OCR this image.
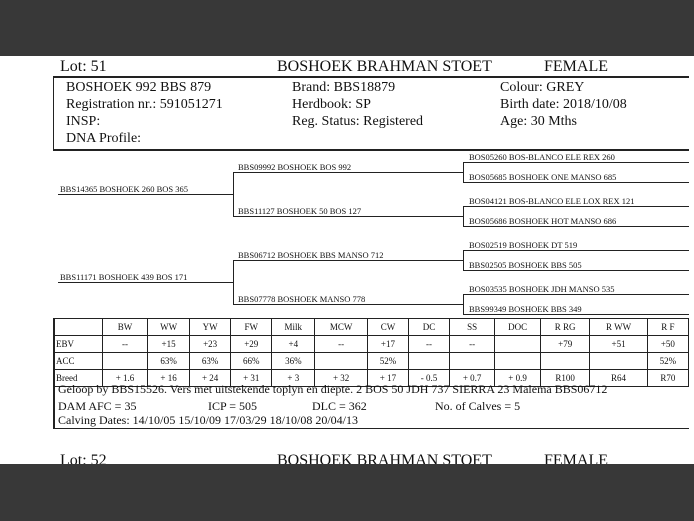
Lot: 51	BOSHOEK BRAHMAN STOET	FEMALE
BOSHOEK 992 BBS 879
Registration nr.: 591051271
INSP:
DNA Profile:
Brand: BBS18879
Herdbook: SP
Reg. Status: Registered
Colour: GREY
Birth date: 2018/10/08
Age: 30 Mths
BBS14365 BOSHOEK 260 BOS 365
BBS11171 BOSHOEK 439 BOS 171
BBS09992 BOSHOEK BOS 992
BBS11127 BOSHOEK 50 BOS 127
BBS06712 BOSHOEK BBS MANSO 712
BBS07778 BOSHOEK MANSO 778
BOS05260 BOS-BLANCO ELE REX 260
BOS05685 BOSHOEK ONE MANSO 685
BOS04121 BOS-BLANCO ELE LOX REX 121
BOS05686 BOSHOEK HOT MANSO 686
BOS02519 BOSHOEK DT 519
BBS02505 BOSHOEK BBS 505
BOS03535 BOSHOEK JDH MANSO 535
BBS99349 BOSHOEK BBS 349
	BW	WW	YW	FW	Milk	MCW	CW	DC	SS	DOC	R RG	R WW	R F
EBV	--	+15	+23	+29	+4	--	+17	--	--		+79	+51	+50
ACC		63%	63%	66%	36%		52%						52%
Breed	+ 1.6	+ 16	+ 24	+ 31	+ 3	+ 32	+ 17	- 0.5	+ 0.7	+ 0.9	R100	R64	R70
Geloop by BBS15526. Vers met uitstekende toplyn en diepte. 2 BOS 50 JDH 737 SIERRA 23 Malema BBS06712
DAM AFC = 35	ICP = 505	DLC = 362	No. of Calves = 5
Calving Dates: 14/10/05 15/10/09 17/03/29 18/10/08 20/04/13
Lot: 52	BOSHOEK BRAHMAN STOET	FEMALE
